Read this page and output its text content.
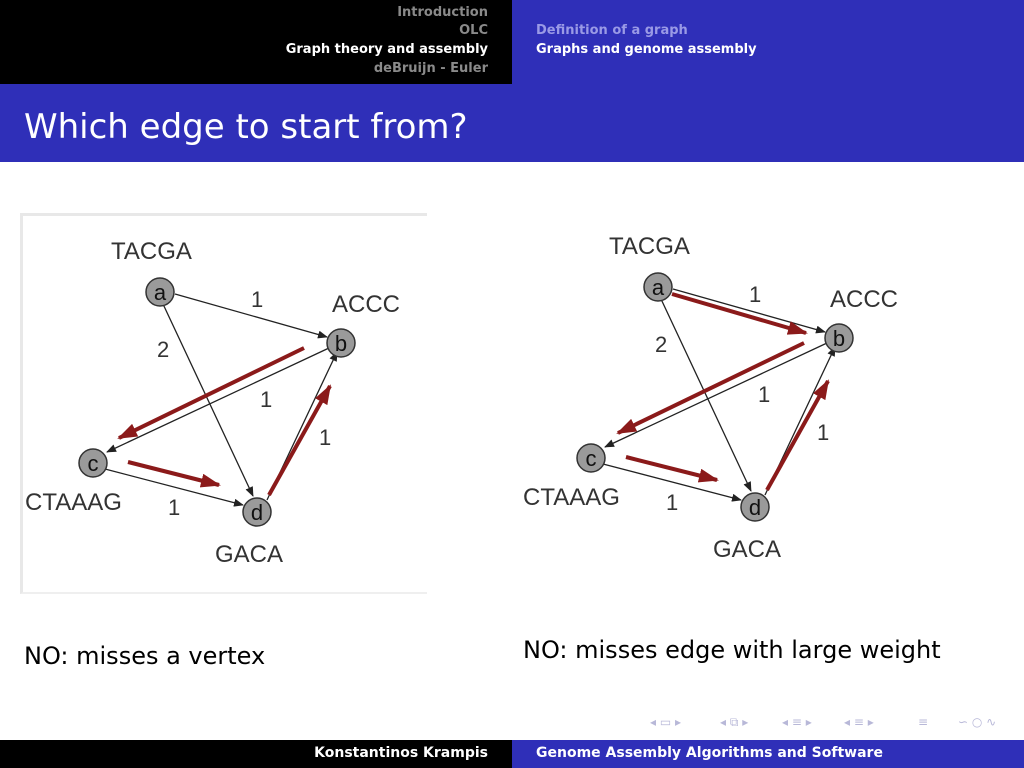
Introduction
OLC
Graph theory and assembly
deBruijn - Euler
Definition of a graph
Graphs and genome assembly
Which edge to start from?
a
b
c
d
TACGA
ACCC
CTAAAG
GACA
1
2
1
1
1
a
b
c
d
TACGA
ACCC
CTAAAG
GACA
1
2
1
1
1
NO: misses a vertex	NO: misses edge with large weight
◂ ▭ ▸	◂ ⧉ ▸	◂ ≡ ▸	◂ ≡ ▸	≡ ∽ ○ ∿
Konstantinos Krampis	Genome Assembly Algorithms and Software
